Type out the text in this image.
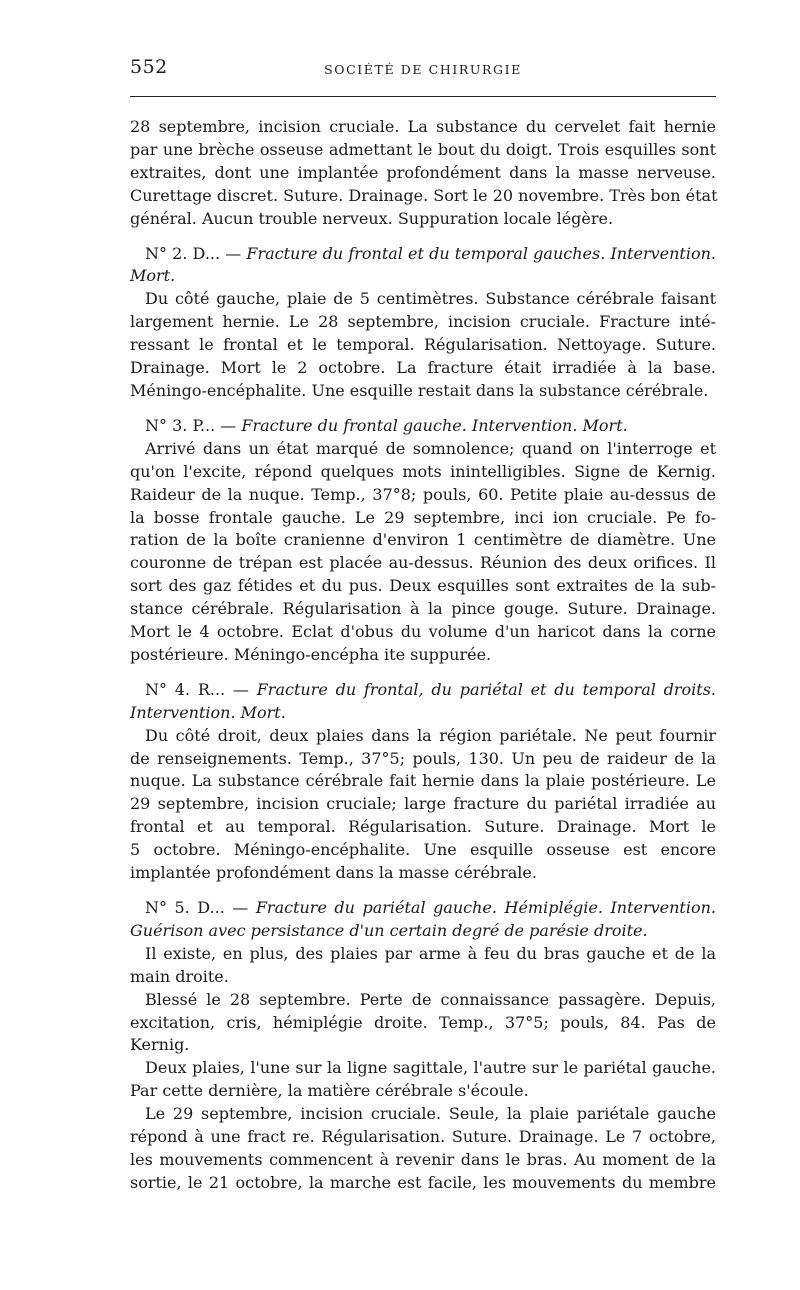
552	SOCIÉTÉ DE CHIRURGIE
28 septembre, incision cruciale. La substance du cervelet fait hernie
par une brèche osseuse admettant le bout du doigt. Trois esquilles sont
extraites, dont une implantée profondément dans la masse nerveuse.
Curettage discret. Suture. Drainage. Sort le 20 novembre. Très bon état
général. Aucun trouble nerveux. Suppuration locale légère.
N° 2. D... — Fracture du frontal et du temporal gauches. Intervention.
Mort.
Du côté gauche, plaie de 5 centimètres. Substance cérébrale faisant
largement hernie. Le 28 septembre, incision cruciale. Fracture inté-
ressant le frontal et le temporal. Régularisation. Nettoyage. Suture.
Drainage. Mort le 2 octobre. La fracture était irradiée à la base.
Méningo-encéphalite. Une esquille restait dans la substance cérébrale.
N° 3. P... — Fracture du frontal gauche. Intervention. Mort.
Arrivé dans un état marqué de somnolence; quand on l'interroge et
qu'on l'excite, répond quelques mots inintelligibles. Signe de Kernig.
Raideur de la nuque. Temp., 37°8; pouls, 60. Petite plaie au-dessus de
la bosse frontale gauche. Le 29 septembre, inci ion cruciale. Pe fo-
ration de la boîte cranienne d'environ 1 centimètre de diamètre. Une
couronne de trépan est placée au-dessus. Réunion des deux orifices. Il
sort des gaz fétides et du pus. Deux esquilles sont extraites de la sub-
stance cérébrale. Régularisation à la pince gouge. Suture. Drainage.
Mort le 4 octobre. Eclat d'obus du volume d'un haricot dans la corne
postérieure. Méningo-encépha ite suppurée.
N° 4. R... — Fracture du frontal, du pariétal et du temporal droits.
Intervention. Mort.
Du côté droit, deux plaies dans la région pariétale. Ne peut fournir
de renseignements. Temp., 37°5; pouls, 130. Un peu de raideur de la
nuque. La substance cérébrale fait hernie dans la plaie postérieure. Le
29 septembre, incision cruciale; large fracture du pariétal irradiée au
frontal et au temporal. Régularisation. Suture. Drainage. Mort le
5 octobre. Méningo-encéphalite. Une esquille osseuse est encore
implantée profondément dans la masse cérébrale.
N° 5. D... — Fracture du pariétal gauche. Hémiplégie. Intervention.
Guérison avec persistance d'un certain degré de parésie droite.
Il existe, en plus, des plaies par arme à feu du bras gauche et de la
main droite.
Blessé le 28 septembre. Perte de connaissance passagère. Depuis,
excitation, cris, hémiplégie droite. Temp., 37°5; pouls, 84. Pas de
Kernig.
Deux plaies, l'une sur la ligne sagittale, l'autre sur le pariétal gauche.
Par cette dernière, la matière cérébrale s'écoule.
Le 29 septembre, incision cruciale. Seule, la plaie pariétale gauche
répond à une fract re. Régularisation. Suture. Drainage. Le 7 octobre,
les mouvements commencent à revenir dans le bras. Au moment de la
sortie, le 21 octobre, la marche est facile, les mouvements du membre
